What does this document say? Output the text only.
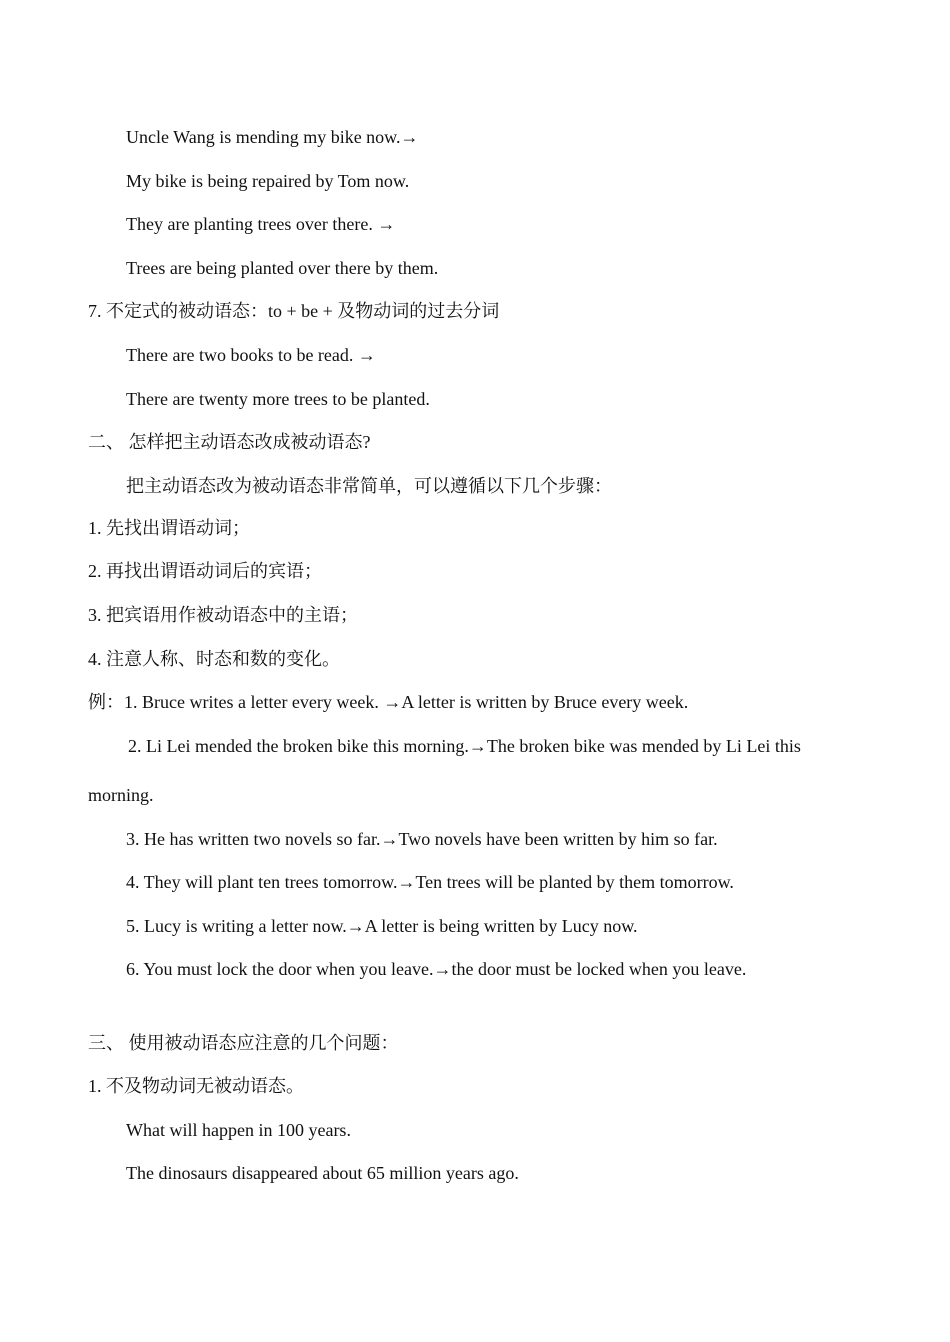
Uncle Wang is mending my bike now.→
My bike is being repaired by Tom now.
They are planting trees over there. →
Trees are being planted over there by them.
7. 不定式的被动语态：to + be + 及物动词的过去分词
There are two books to be read. →
There are twenty more trees to be planted.
二、 怎样把主动语态改成被动语态?
把主动语态改为被动语态非常简单，可以遵循以下几个步骤：
1. 先找出谓语动词；
2. 再找出谓语动词后的宾语；
3. 把宾语用作被动语态中的主语；
4. 注意人称、时态和数的变化。
例：1. Bruce writes a letter every week. →A letter is written by Bruce every week.
2. Li Lei mended the broken bike this morning.→The broken bike was mended by Li Lei this
morning.
3. He has written two novels so far.→Two novels have been written by him so far.
4. They will plant ten trees tomorrow.→Ten trees will be planted by them tomorrow.
5. Lucy is writing a letter now.→A letter is being written by Lucy now.
6. You must lock the door when you leave.→the door must be locked when you leave.
三、 使用被动语态应注意的几个问题：
1. 不及物动词无被动语态。
What will happen in 100 years.
The dinosaurs disappeared about 65 million years ago.
